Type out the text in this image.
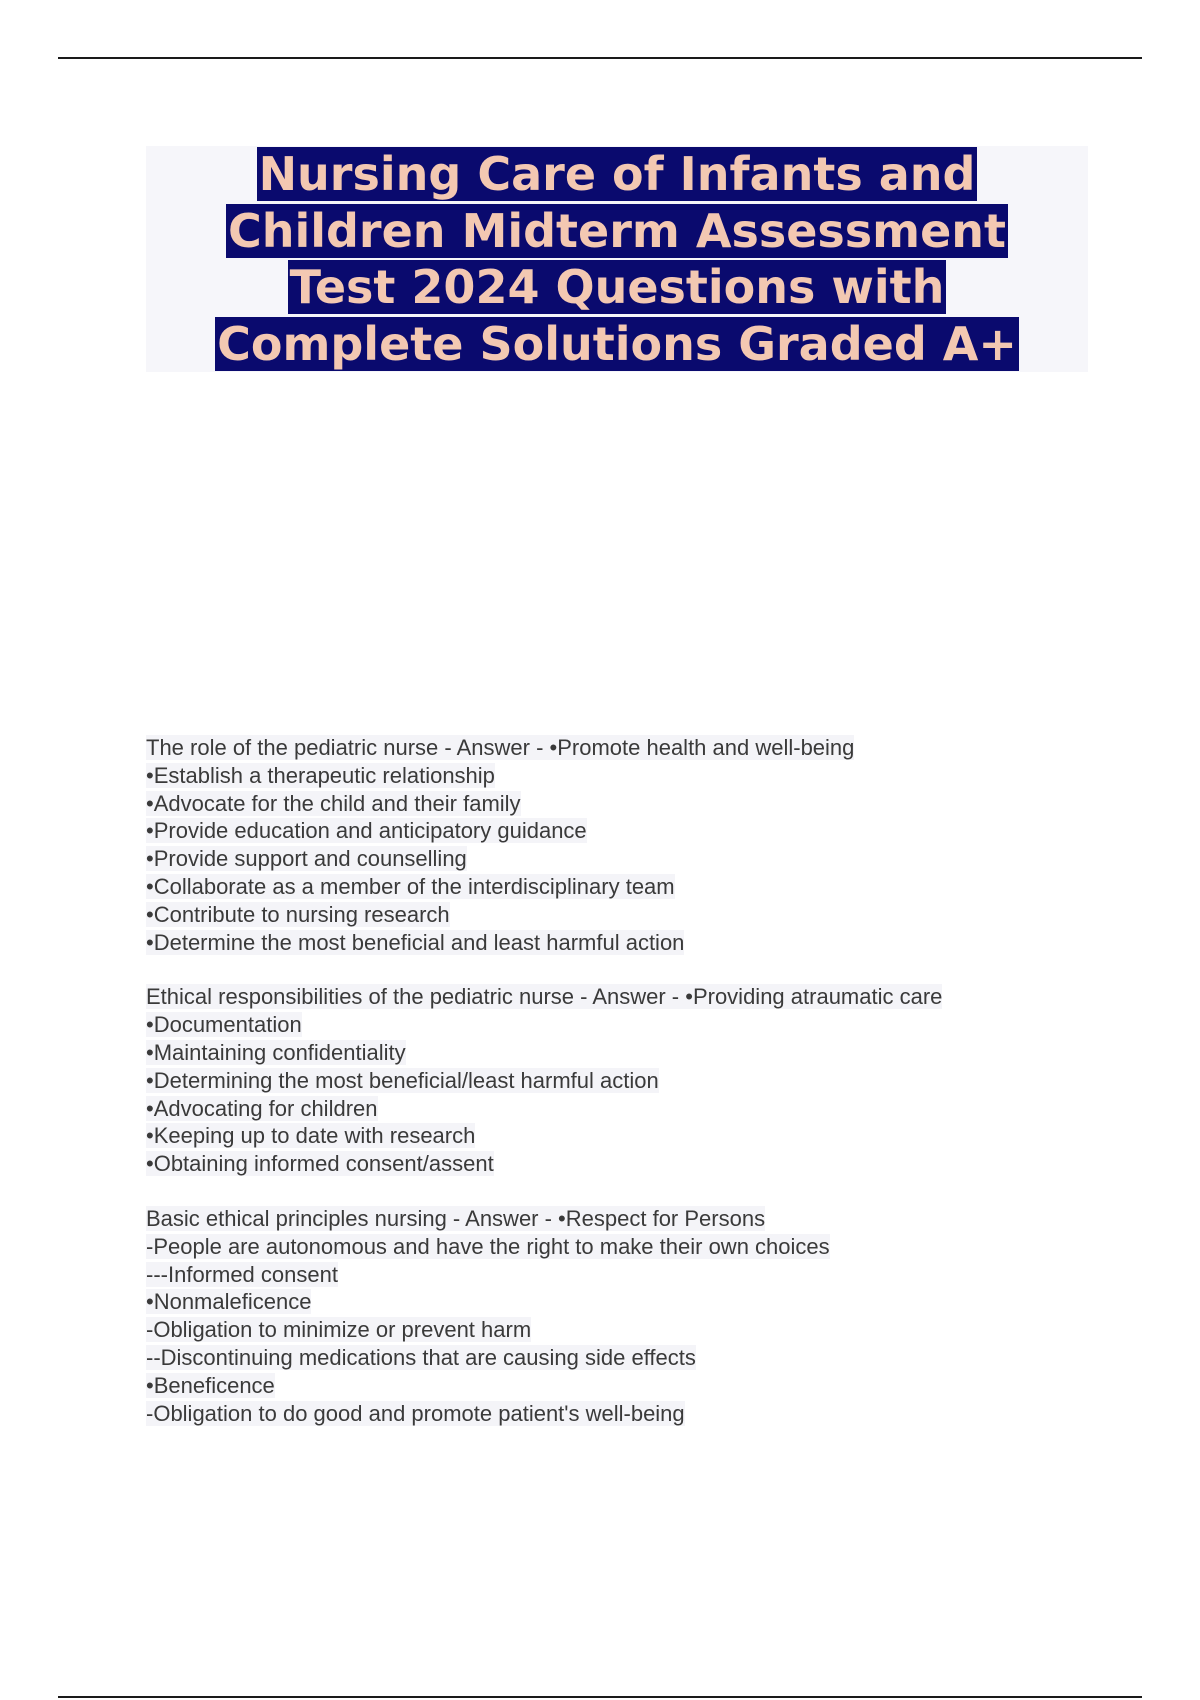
Nursing Care of Infants and
Children Midterm Assessment
Test 2024 Questions with
Complete Solutions Graded A+
The role of the pediatric nurse - Answer - •Promote health and well-being
•Establish a therapeutic relationship
•Advocate for the child and their family
•Provide education and anticipatory guidance
•Provide support and counselling
•Collaborate as a member of the interdisciplinary team
•Contribute to nursing research
•Determine the most beneficial and least harmful action
Ethical responsibilities of the pediatric nurse - Answer - •Providing atraumatic care
•Documentation
•Maintaining confidentiality
•Determining the most beneficial/least harmful action
•Advocating for children
•Keeping up to date with research
•Obtaining informed consent/assent
Basic ethical principles nursing - Answer - •Respect for Persons
-People are autonomous and have the right to make their own choices
---Informed consent
•Nonmaleficence
-Obligation to minimize or prevent harm
--Discontinuing medications that are causing side effects
•Beneficence
-Obligation to do good and promote patient's well-being
